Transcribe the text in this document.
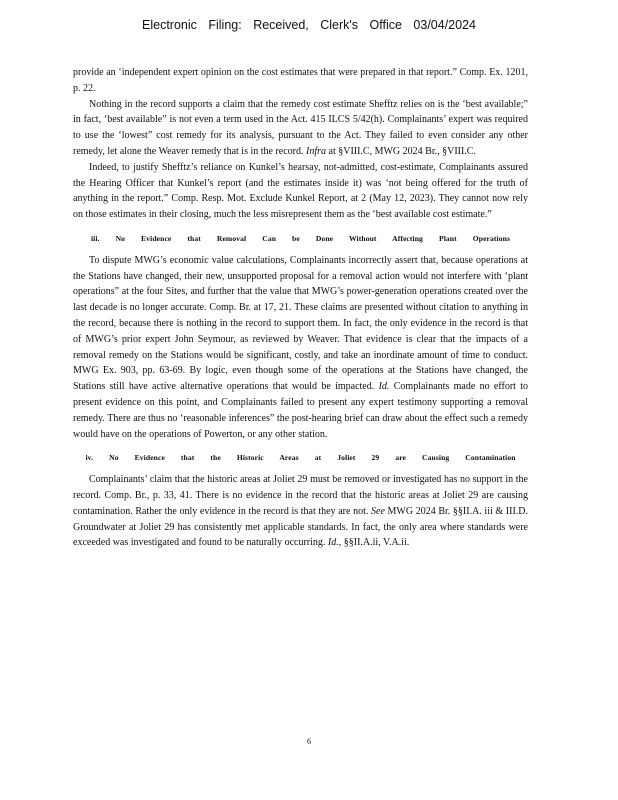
Electronic Filing: Received, Clerk's Office 03/04/2024

provide an ‘independent expert opinion on the cost estimates that were prepared in that report.” Comp. Ex. 1201, p. 22.

Nothing in the record supports a claim that the remedy cost estimate Shefftz relies on is the ‘best available;” in fact, ‘best available” is not even a term used in the Act. 415 ILCS 5/42(h). Complainants’ expert was required to use the ‘lowest” cost remedy for its analysis, pursuant to the Act. They failed to even consider any other remedy, let alone the Weaver remedy that is in the record. Infra at §VIII.C, MWG 2024 Br., §VIII.C.

Indeed, to justify Shefftz’s reliance on Kunkel’s hearsay, not-admitted, cost-estimate, Complainants assured the Hearing Officer that Kunkel’s report (and the estimates inside it) was ‘not being offered for the truth of anything in the report.” Comp. Resp. Mot. Exclude Kunkel Report, at 2 (May 12, 2023). They cannot now rely on those estimates in their closing, much the less misrepresent them as the ‘best available cost estimate.”

iii. No Evidence that Removal Can be Done Without Affecting Plant Operations

To dispute MWG’s economic value calculations, Complainants incorrectly assert that, because operations at the Stations have changed, their new, unsupported proposal for a removal action would not interfere with ‘plant operations” at the four Sites, and further that the value that MWG’s power-generation operations created over the last decade is no longer accurate. Comp. Br. at 17, 21. These claims are presented without citation to anything in the record, because there is nothing in the record to support them. In fact, the only evidence in the record is that of MWG’s prior expert John Seymour, as reviewed by Weaver. That evidence is clear that the impacts of a removal remedy on the Stations would be significant, costly, and take an inordinate amount of time to conduct. MWG Ex. 903, pp. 63-69. By logic, even though some of the operations at the Stations have changed, the Stations still have active alternative operations that would be impacted. Id. Complainants made no effort to present evidence on this point, and Complainants failed to present any expert testimony supporting a removal remedy. There are thus no ‘reasonable inferences” the post-hearing brief can draw about the effect such a remedy would have on the operations of Powerton, or any other station.

iv. No Evidence that the Historic Areas at Joliet 29 are Causing Contamination

Complainants’ claim that the historic areas at Joliet 29 must be removed or investigated has no support in the record. Comp. Br., p. 33, 41. There is no evidence in the record that the historic areas at Joliet 29 are causing contamination. Rather the only evidence in the record is that they are not. See MWG 2024 Br. §§II.A. iii & III.D. Groundwater at Joliet 29 has consistently met applicable standards. In fact, the only area where standards were exceeded was investigated and found to be naturally occurring. Id., §§II.A.ii, V.A.ii.

6
